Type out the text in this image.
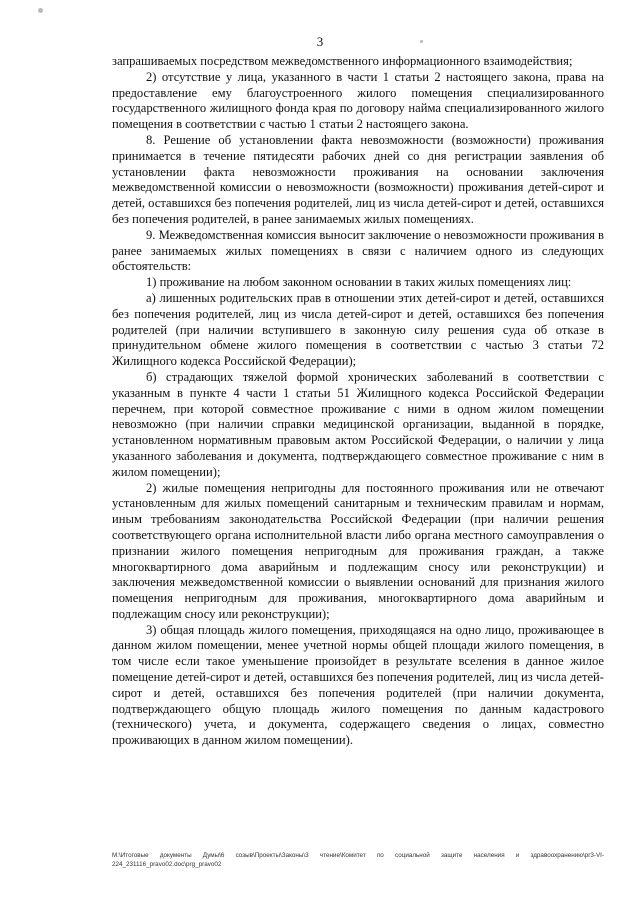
3

запрашиваемых посредством межведомственного информационного взаимодействия;

2) отсутствие у лица, указанного в части 1 статьи 2 настоящего закона, права на предоставление ему благоустроенного жилого помещения специализированного государственного жилищного фонда края по договору найма специализированного жилого помещения в соответствии с частью 1 статьи 2 настоящего закона.

8. Решение об установлении факта невозможности (возможности) проживания принимается в течение пятидесяти рабочих дней со дня регистрации заявления об установлении факта невозможности проживания на основании заключения межведомственной комиссии о невозможности (возможности) проживания детей-сирот и детей, оставшихся без попечения родителей, лиц из числа детей-сирот и детей, оставшихся без попечения родителей, в ранее занимаемых жилых помещениях.

9. Межведомственная комиссия выносит заключение о невозможности проживания в ранее занимаемых жилых помещениях в связи с наличием одного из следующих обстоятельств:

1) проживание на любом законном основании в таких жилых помещениях лиц:

а) лишенных родительских прав в отношении этих детей-сирот и детей, оставшихся без попечения родителей, лиц из числа детей-сирот и детей, оставшихся без попечения родителей (при наличии вступившего в законную силу решения суда об отказе в принудительном обмене жилого помещения в соответствии с частью 3 статьи 72 Жилищного кодекса Российской Федерации);

б) страдающих тяжелой формой хронических заболеваний в соответствии с указанным в пункте 4 части 1 статьи 51 Жилищного кодекса Российской Федерации перечнем, при которой совместное проживание с ними в одном жилом помещении невозможно (при наличии справки медицинской организации, выданной в порядке, установленном нормативным правовым актом Российской Федерации, о наличии у лица указанного заболевания и документа, подтверждающего совместное проживание с ним в жилом помещении);

2) жилые помещения непригодны для постоянного проживания или не отвечают установленным для жилых помещений санитарным и техническим правилам и нормам, иным требованиям законодательства Российской Федерации (при наличии решения соответствующего органа исполнительной власти либо органа местного самоуправления о признании жилого помещения непригодным для проживания граждан, а также многоквартирного дома аварийным и подлежащим сносу или реконструкции) и заключения межведомственной комиссии о выявлении оснований для признания жилого помещения непригодным для проживания, многоквартирного дома аварийным и подлежащим сносу или реконструкции);

3) общая площадь жилого помещения, приходящаяся на одно лицо, проживающее в данном жилом помещении, менее учетной нормы общей площади жилого помещения, в том числе если такое уменьшение произойдет в результате вселения в данное жилое помещение детей-сирот и детей, оставшихся без попечения родителей, лиц из числа детей-сирот и детей, оставшихся без попечения родителей (при наличии документа, подтверждающего общую площадь жилого помещения по данным кадастрового (технического) учета, и документа, содержащего сведения о лицах, совместно проживающих в данном жилом помещении).

M:\Итоговые документы Думы\6 созыв\Проекты\Законы\3 чтение\Комитет по социальной защите населения и здравоохранению\pr3-VI-224_231116_pravo02.doc\prg_pravo02
